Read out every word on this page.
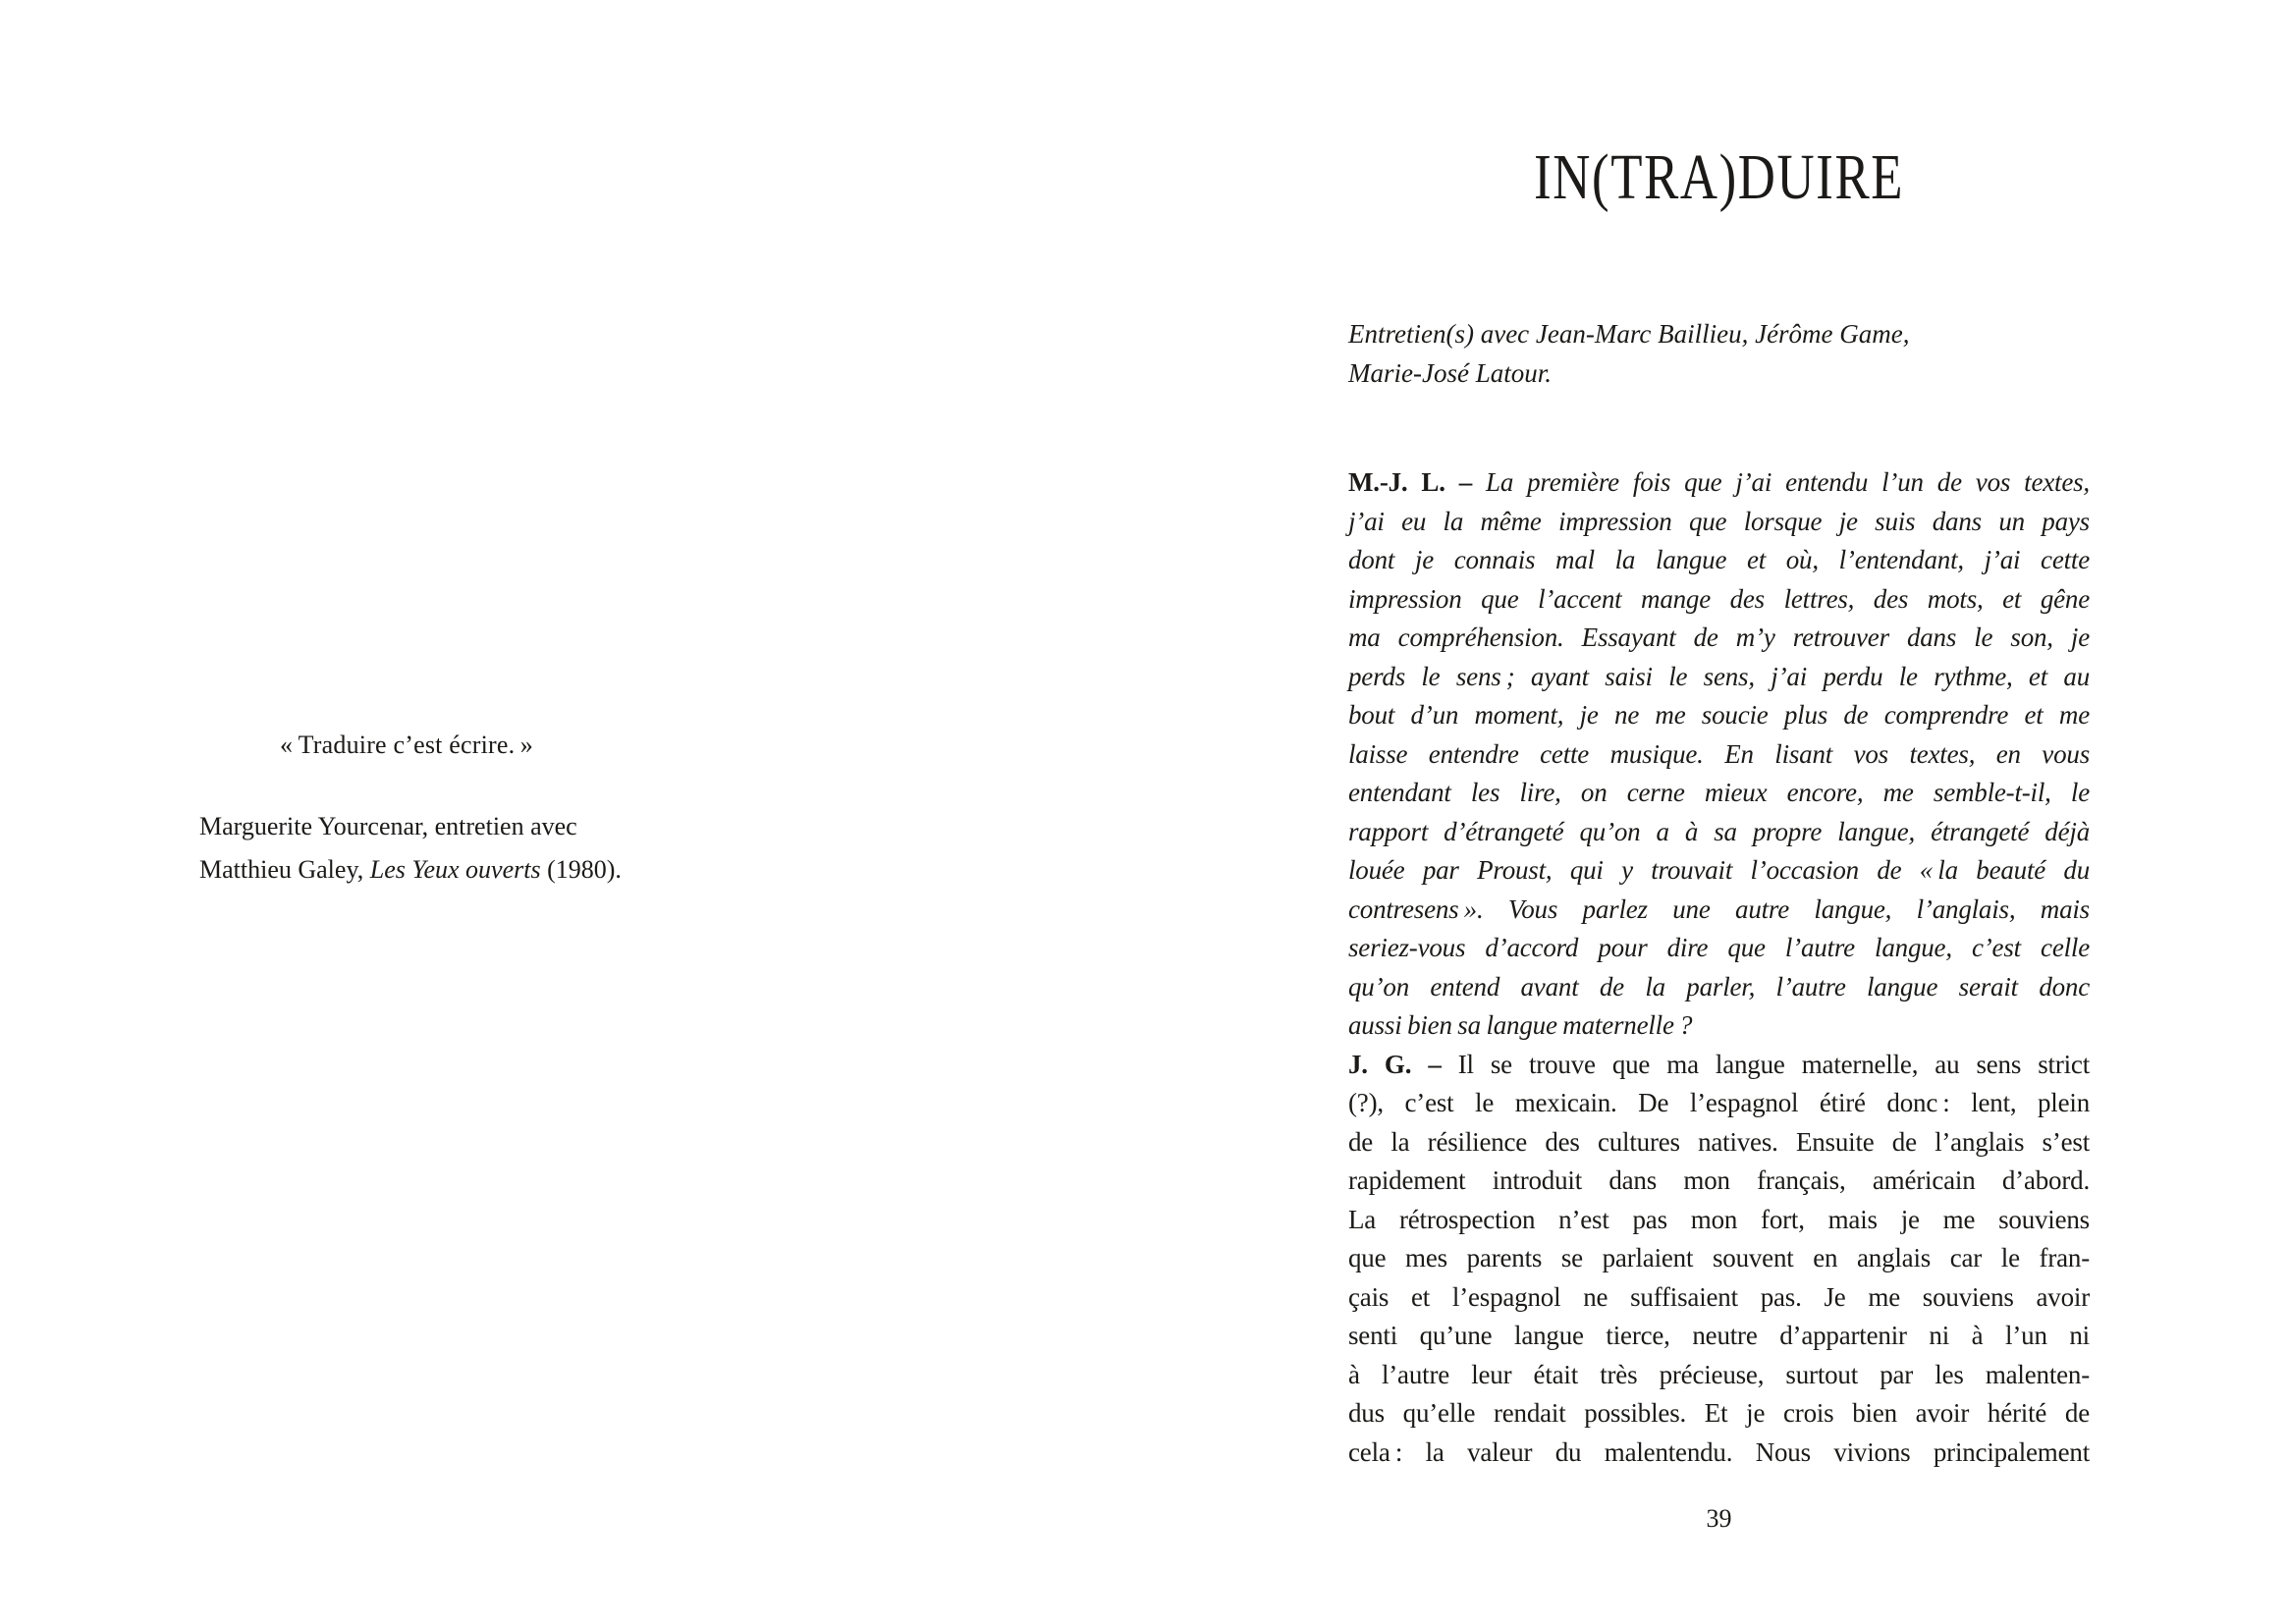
« Traduire c’est écrire. »
Marguerite Yourcenar, entretien avec
Matthieu Galey, Les Yeux ouverts (1980).
IN(TRA)DUIRE
Entretien(s) avec Jean-Marc Baillieu, Jérôme Game,
Marie-José Latour.
M.-J. L. – La première fois que j’ai entendu l’un de vos textes,
j’ai eu la même impression que lorsque je suis dans un pays
dont je connais mal la langue et où, l’entendant, j’ai cette
impression que l’accent mange des lettres, des mots, et gêne
ma compréhension. Essayant de m’y retrouver dans le son, je
perds le sens ; ayant saisi le sens, j’ai perdu le rythme, et au
bout d’un moment, je ne me soucie plus de comprendre et me
laisse entendre cette musique. En lisant vos textes, en vous
entendant les lire, on cerne mieux encore, me semble-t-il, le
rapport d’étrangeté qu’on a à sa propre langue, étrangeté déjà
louée par Proust, qui y trouvait l’occasion de « la beauté du
contresens ». Vous parlez une autre langue, l’anglais, mais
seriez-vous d’accord pour dire que l’autre langue, c’est celle
qu’on entend avant de la parler, l’autre langue serait donc
aussi bien sa langue maternelle ?
J. G. – Il se trouve que ma langue maternelle, au sens strict
(?), c’est le mexicain. De l’espagnol étiré donc : lent, plein
de la résilience des cultures natives. Ensuite de l’anglais s’est
rapidement introduit dans mon français, américain d’abord.
La rétrospection n’est pas mon fort, mais je me souviens
que mes parents se parlaient souvent en anglais car le fran-
çais et l’espagnol ne suffisaient pas. Je me souviens avoir
senti qu’une langue tierce, neutre d’appartenir ni à l’un ni
à l’autre leur était très précieuse, surtout par les malenten-
dus qu’elle rendait possibles. Et je crois bien avoir hérité de
cela : la valeur du malentendu. Nous vivions principalement
39
